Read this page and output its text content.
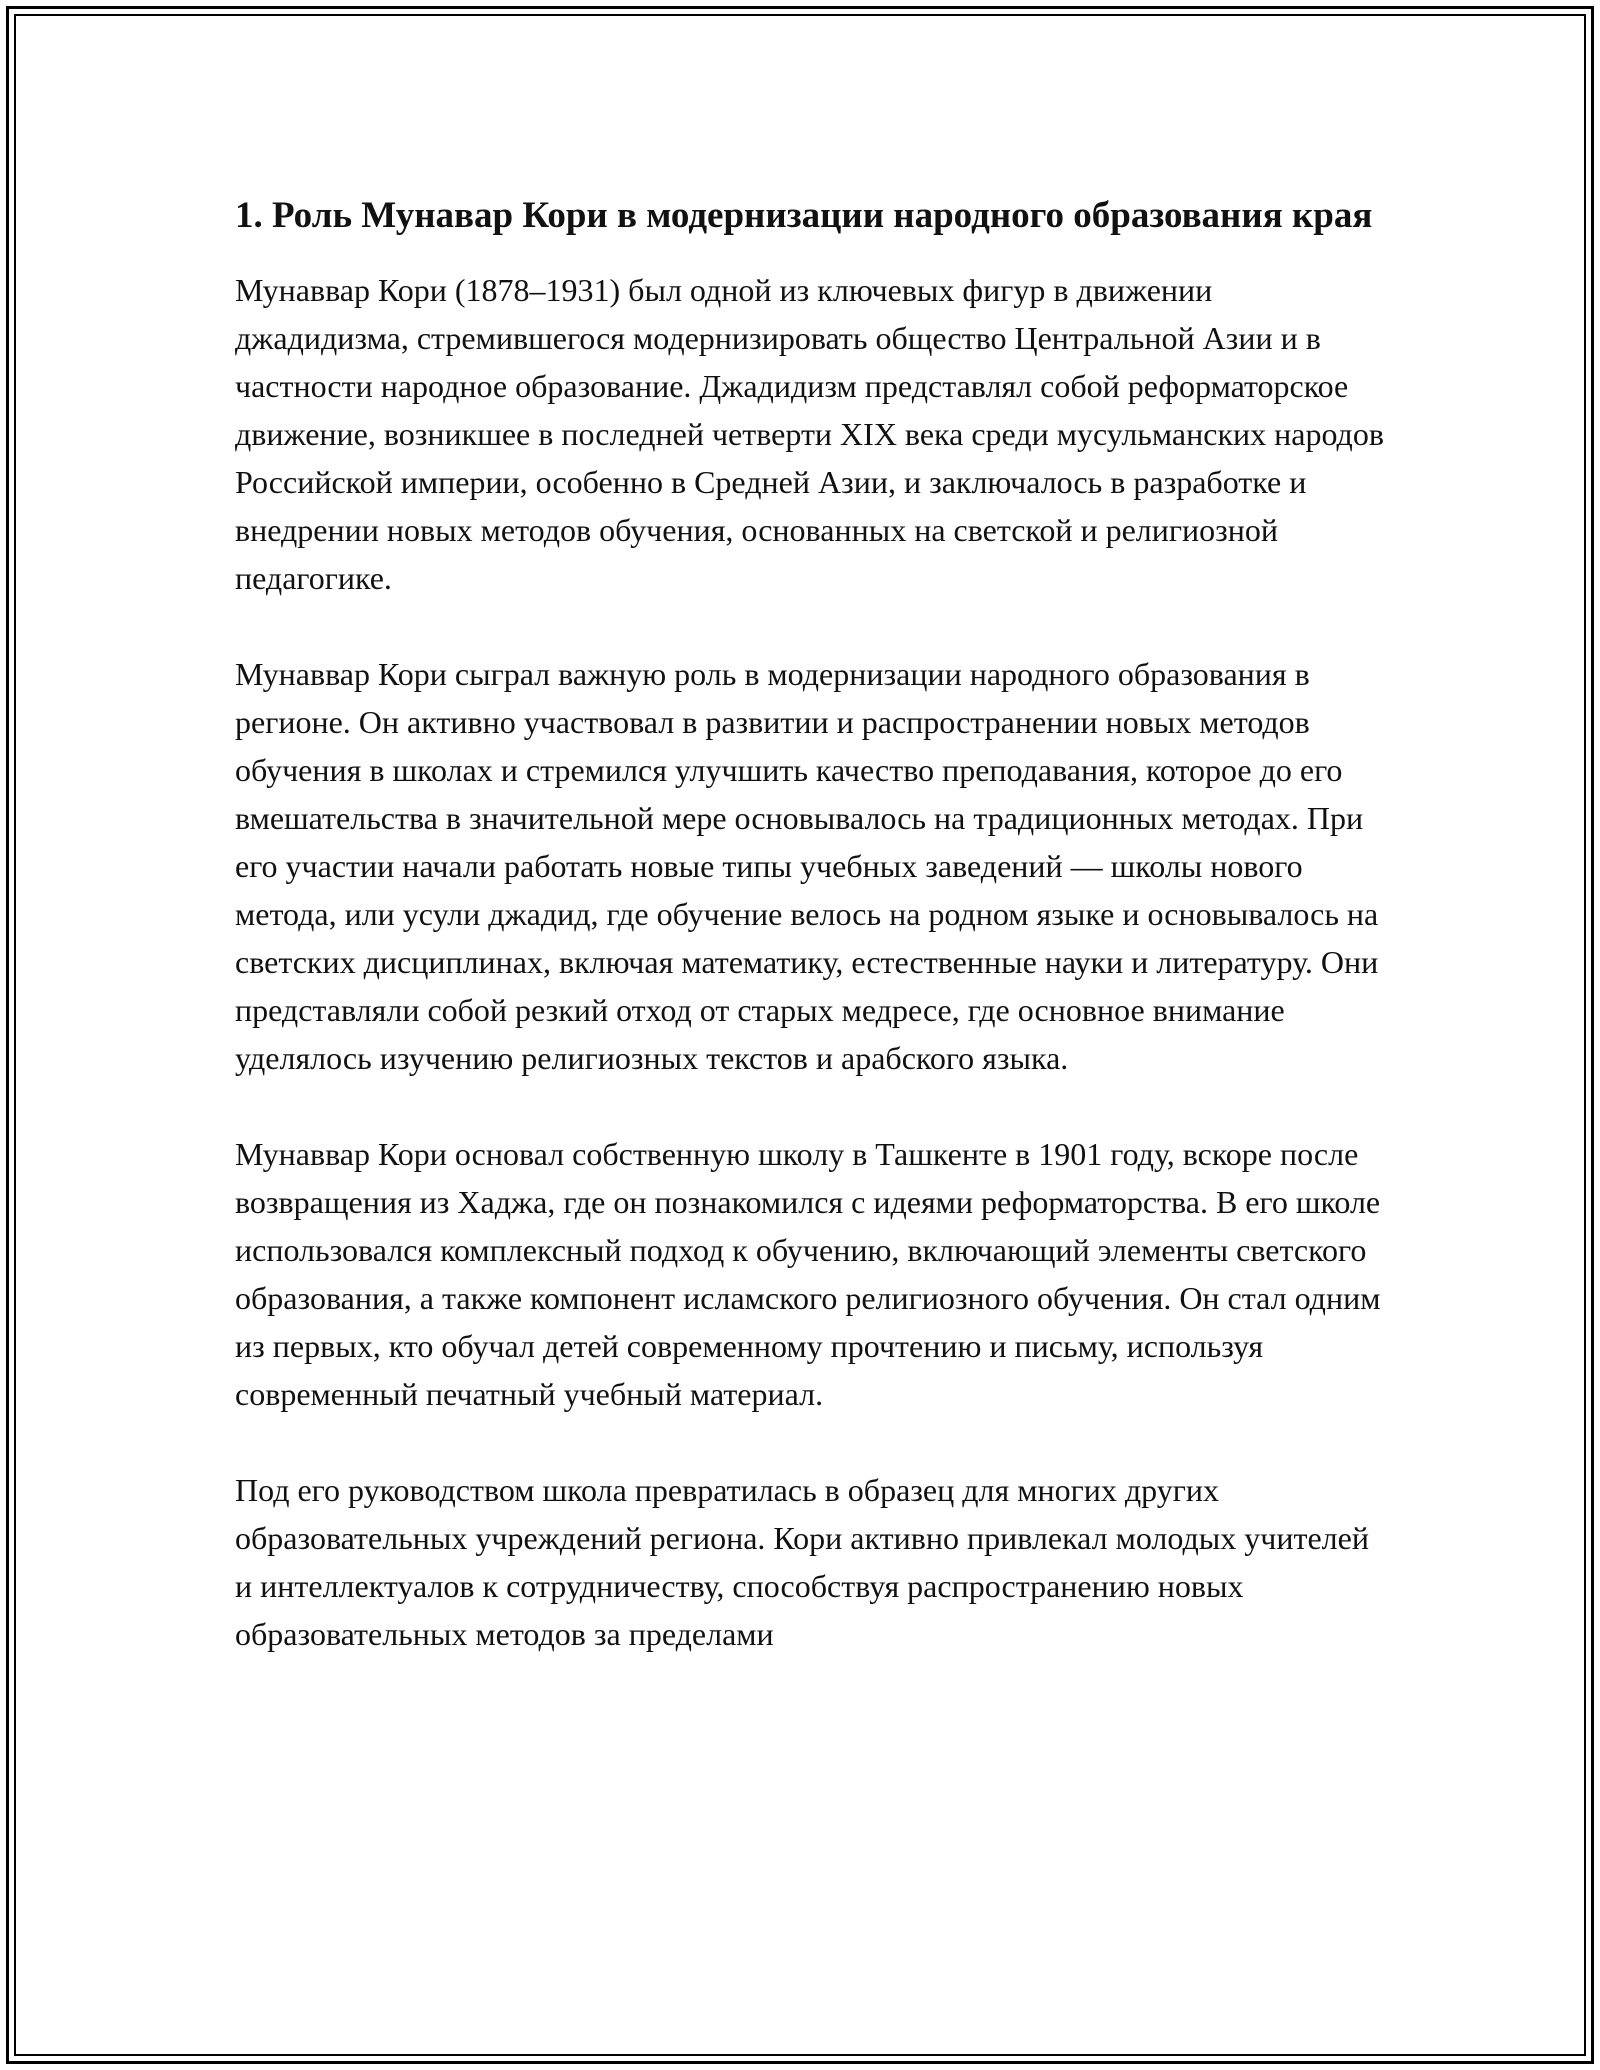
1. Роль Мунавар Кори в модернизации народного образования края

Мунаввар Кори (1878–1931) был одной из ключевых фигур в движении джадидизма, стремившегося модернизировать общество Центральной Азии и в частности народное образование. Джадидизм представлял собой реформаторское движение, возникшее в последней четверти XIX века среди мусульманских народов Российской империи, особенно в Средней Азии, и заключалось в разработке и внедрении новых методов обучения, основанных на светской и религиозной педагогике.

Мунаввар Кори сыграл важную роль в модернизации народного образования в регионе. Он активно участвовал в развитии и распространении новых методов обучения в школах и стремился улучшить качество преподавания, которое до его вмешательства в значительной мере основывалось на традиционных методах. При его участии начали работать новые типы учебных заведений — школы нового метода, или усули джадид, где обучение велось на родном языке и основывалось на светских дисциплинах, включая математику, естественные науки и литературу. Они представляли собой резкий отход от старых медресе, где основное внимание уделялось изучению религиозных текстов и арабского языка.

Мунаввар Кори основал собственную школу в Ташкенте в 1901 году, вскоре после возвращения из Хаджа, где он познакомился с идеями реформаторства. В его школе использовался комплексный подход к обучению, включающий элементы светского образования, а также компонент исламского религиозного обучения. Он стал одним из первых, кто обучал детей современному прочтению и письму, используя современный печатный учебный материал.

Под его руководством школа превратилась в образец для многих других образовательных учреждений региона. Кори активно привлекал молодых учителей и интеллектуалов к сотрудничеству, способствуя распространению новых образовательных методов за пределами
